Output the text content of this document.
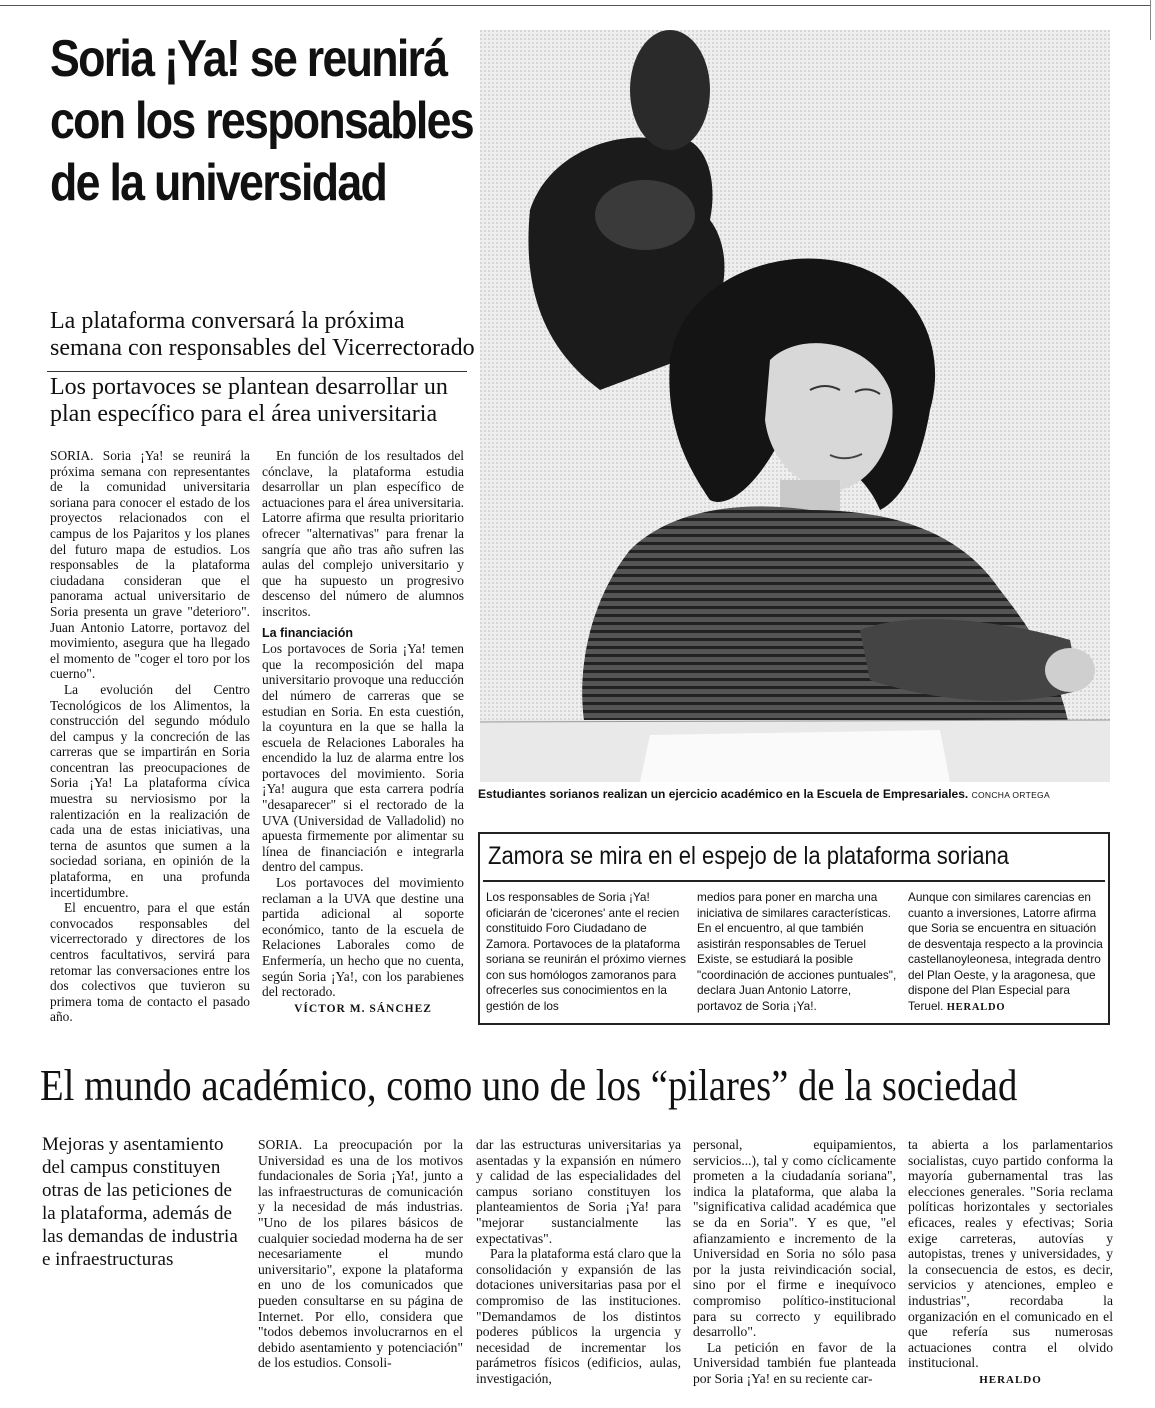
Soria ¡Ya! se reunirá con los responsables de la universidad
La plataforma conversará la próxima semana con responsables del Vicerrectorado
Los portavoces se plantean desarrollar un plan específico para el área universitaria

SORIA. Soria ¡Ya! se reunirá la próxima semana con representantes de la comunidad universitaria soriana para conocer el estado de los proyectos relacionados con el campus de los Pajaritos y los planes del futuro mapa de estudios. Los responsables de la plataforma ciudadana consideran que el panorama actual universitario de Soria presenta un grave "deterioro". Juan Antonio Latorre, portavoz del movimiento, asegura que ha llegado el momento de "coger el toro por los cuerno".

La evolución del Centro Tecnológicos de los Alimentos, la construcción del segundo módulo del campus y la concreción de las carreras que se impartirán en Soria concentran las preocupaciones de Soria ¡Ya! La plataforma cívica muestra su nerviosismo por la ralentización en la realización de cada una de estas iniciativas, una terna de asuntos que sumen a la sociedad soriana, en opinión de la plataforma, en una profunda incertidumbre.

El encuentro, para el que están convocados responsables del vicerrectorado y directores de los centros facultativos, servirá para retomar las conversaciones entre los dos colectivos que tuvieron su primera toma de contacto el pasado año.

En función de los resultados del cónclave, la plataforma estudia desarrollar un plan específico de actuaciones para el área universitaria. Latorre afirma que resulta prioritario ofrecer "alternativas" para frenar la sangría que año tras año sufren las aulas del complejo universitario y que ha supuesto un progresivo descenso del número de alumnos inscritos.

La financiación

Los portavoces de Soria ¡Ya! temen que la recomposición del mapa universitario provoque una reducción del número de carreras que se estudian en Soria. En esta cuestión, la coyuntura en la que se halla la escuela de Relaciones Laborales ha encendido la luz de alarma entre los portavoces del movimiento. Soria ¡Ya! augura que esta carrera podría "desaparecer" si el rectorado de la UVA (Universidad de Valladolid) no apuesta firmemente por alimentar su línea de financiación e integrarla dentro del campus.

Los portavoces del movimiento reclaman a la UVA que destine una partida adicional al soporte económico, tanto de la escuela de Relaciones Laborales como de Enfermería, un hecho que no cuenta, según Soria ¡Ya!, con los parabienes del rectorado.

VÍCTOR M. SÁNCHEZ
Estudiantes sorianos realizan un ejercicio académico en la Escuela de Empresariales. CONCHA ORTEGA
Zamora se mira en el espejo de la plataforma soriana
Los responsables de Soria ¡Ya! oficiarán de 'cicerones' ante el recien constituido Foro Ciudadano de Zamora. Portavoces de la plataforma soriana se reunirán el próximo viernes con sus homólogos zamoranos para ofrecerles sus conocimientos en la gestión de los
medios para poner en marcha una iniciativa de similares características. En el encuentro, al que también asistirán responsables de Teruel Existe, se estudiará la posible "coordinación de acciones puntuales", declara Juan Antonio Latorre, portavoz de Soria ¡Ya!.
Aunque con similares carencias en cuanto a inversiones, Latorre afirma que Soria se encuentra en situación de desventaja respecto a la provincia castellanoyleonesa, integrada dentro del Plan Oeste, y la aragonesa, que dispone del Plan Especial para Teruel. HERALDO
El mundo académico, como uno de los “pilares” de la sociedad
Mejoras y asentamiento del campus constituyen otras de las peticiones de la plataforma, además de las demandas de industria e infraestructuras

SORIA. La preocupación por la Universidad es una de los motivos fundacionales de Soria ¡Ya!, junto a las infraestructuras de comunicación y la necesidad de más industrias. "Uno de los pilares básicos de cualquier sociedad moderna ha de ser necesariamente el mundo universitario", expone la plataforma en uno de los comunicados que pueden consultarse en su página de Internet. Por ello, considera que "todos debemos involucrarnos en el debido asentamiento y potenciación" de los estudios. Consoli-

dar las estructuras universitarias ya asentadas y la expansión en número y calidad de las especialidades del campus soriano constituyen los planteamientos de Soria ¡Ya! para "mejorar sustancialmente las expectativas".

Para la plataforma está claro que la consolidación y expansión de las dotaciones universitarias pasa por el compromiso de las instituciones. "Demandamos de los distintos poderes públicos la urgencia y necesidad de incrementar los parámetros físicos (edificios, aulas, investigación,

personal, equipamientos, servicios...), tal y como cíclicamente prometen a la ciudadanía soriana", indica la plataforma, que alaba la "significativa calidad académica que se da en Soria". Y es que, "el afianzamiento e incremento de la Universidad en Soria no sólo pasa por la justa reivindicación social, sino por el firme e inequívoco compromiso político-institucional para su correcto y equilibrado desarrollo".

La petición en favor de la Universidad también fue planteada por Soria ¡Ya! en su reciente car-

ta abierta a los parlamentarios socialistas, cuyo partido conforma la mayoría gubernamental tras las elecciones generales. "Soria reclama políticas horizontales y sectoriales eficaces, reales y efectivas; Soria exige carreteras, autovías y autopistas, trenes y universidades, y la consecuencia de estos, es decir, servicios y atenciones, empleo e industrias", recordaba la organización en el comunicado en el que refería sus numerosas actuaciones contra el olvido institucional.

HERALDO
